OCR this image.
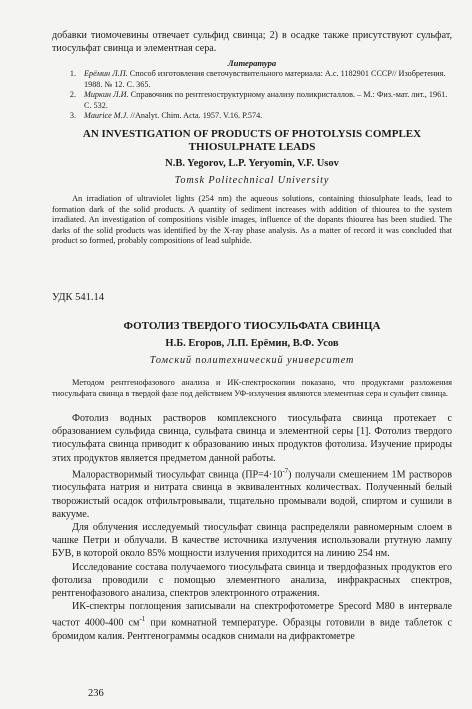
добавки тиомочевины отвечает сульфид свинца; 2) в осадке также присутствуют сульфат, тиосульфат свинца и элементная сера.
Литература
1. Ерёмин Л.П. Способ изготовления светочувствительного материала: А.с. 1182901 СССР// Изобретения. 1988. № 12. С. 365.
2. Миркин Л.И. Справочник по рентгеноструктурному анализу поликристаллов. – М.: Физ.-мат. лит., 1961. С. 532.
3. Maurice M.J. //Analyt. Chim. Acta. 1957. V.16. P.574.
AN INVESTIGATION OF PRODUCTS OF PHOTOLYSIS COMPLEX THIOSULPHATE LEADS
N.B. Yegorov, L.P. Yeryomin, V.F. Usov
Tomsk Politechnical University
An irradiation of ultraviolet lights (254 nm) the aqueous solutions, containing thiosulphate leads, lead to formation dark of the solid products. A quantity of sediment increases with addition of thiourea to the system irradiated. An investigation of compositions visible images, influence of the dopants thiourea has been studied. The darks of the solid products was identified by the X-ray phase analysis. As a matter of record it was concluded that product so formed, probably compositions of lead sulphide.
УДК 541.14
ФОТОЛИЗ ТВЕРДОГО ТИОСУЛЬФАТА СВИНЦА
Н.Б. Егоров, Л.П. Ерёмин, В.Ф. Усов
Томский политехнический университет
Методом рентгенофазового анализа и ИК-спектроскопии показано, что продуктами разложения тиосульфата свинца в твердой фазе под действием УФ-излучения являются элементная сера и сульфит свинца.
Фотолиз водных растворов комплексного тиосульфата свинца протекает с образованием сульфида свинца, сульфата свинца и элементной серы [1]. Фотолиз твердого тиосульфата свинца приводит к образованию иных продуктов фотолиза. Изучение природы этих продуктов является предметом данной работы.
Малорастворимый тиосульфат свинца $(ПР=4\cdot 10^{-7})$ получали смешением 1М растворов тиосульфата натрия и нитрата свинца в эквивалентных количествах. Полученный белый творожистый осадок отфильтровывали, тщательно промывали водой, спиртом и сушили в вакууме.
Для облучения исследуемый тиосульфат свинца распределяли равномерным слоем в чашке Петри и облучали. В качестве источника излучения использовали ртутную лампу БУВ, в которой около 85% мощности излучения приходится на линию 254 нм.
Исследование состава получаемого тиосульфата свинца и твердофазных продуктов его фотолиза проводили с помощью элементного анализа, инфракрасных спектров, рентгенофазового анализа, спектров электронного отражения.
ИК-спектры поглощения записывали на спектрофотометре Specord M80 в интервале частот 4000-400 $см^{-1}$ при комнатной температуре. Образцы готовили в виде таблеток с бромидом калия. Рентгенограммы осадков снимали на дифрактометре
236
